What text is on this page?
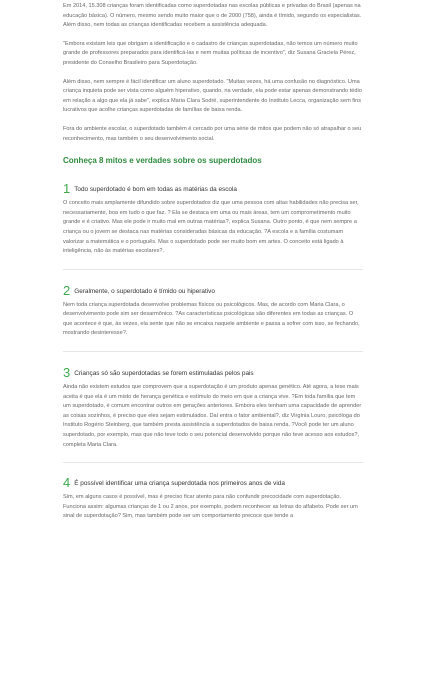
Em 2014, 15.308 crianças foram identificadas como superdotadas nas escolas públicas e privadas do Brasil (apenas na educação básica). O número, mesmo sendo muito maior que o de 2000 (758), ainda é tímido, segundo os especialistas. Além disso, nem todas as crianças identificadas recebem a assistência adequada.

"Embora existam leis que obrigam a identificação e o cadastro de crianças superdotadas, não temos um número muito grande de professores preparados para identificá-las e nem muitas políticas de incentivo", diz Susana Graciela Pérez, presidente do Conselho Brasileiro para Superdotação.

Além disso, nem sempre é fácil identificar um aluno superdotado. "Muitas vezes, há uma confusão no diagnóstico. Uma criança inquieta pode ser vista como alguém hiperativo, quando, na verdade, ela pode estar apenas demonstrando tédio em relação a algo que ela já sabe", explica Maria Clara Sodré, superintendente do Instituto Lecca, organização sem fins lucrativos que acolhe crianças superdotadas de famílias de baixa renda.

Fora do ambiente escolar, o superdotado também é cercado por uma série de mitos que podem não só atrapalhar o seu reconhecimento, mas também o seu desenvolvimento social.

Conheça 8 mitos e verdades sobre os superdotados
1 Todo superdotado é bom em todas as matérias da escola

O conceito mais amplamente difundido sobre superdotados diz que uma pessoa com altas habilidades não precisa ser, necessariamente, boa em tudo o que faz. ? Ela se destaca em uma ou mais áreas, tem um comprometimento muito grande e é criativo. Mas ele pode ir muito mal em outras matérias?, explica Susana. Outro ponto, é que nem sempre a criança ou o jovem se destaca nas matérias consideradas básicas da educação. ?A escola e a família costumam valorizar a matemática e o português. Mas o superdotado pode ser muito bom em artes. O conceito está ligado à inteligência, não às matérias escolares?.

2 Geralmente, o superdotado é tímido ou hiperativo

Nem toda criança superdotada desenvolve problemas físicos ou psicológicos. Mas, de acordo com Maria Clara, o desenvolvimento pode sim ser desarmônico. ?As características psicológicas são diferentes em todas as crianças. O que acontece é que, às vezes, ela sente que não se encaixa naquele ambiente e passa a sofrer com isso, se fechando, mostrando desinteresse?.

3 Crianças só são superdotadas se forem estimuladas pelos pais

Ainda não existem estudos que comprovem que a superdotação é um produto apenas genético. Até agora, a tese mais aceita é que ela é um misto de herança genética e estímulo do meio em que a criança vive. ?Em toda família que tem um superdotado, é comum encontrar outros em gerações anteriores. Embora eles tenham uma capacidade de aprender as coisas sozinhos, é preciso que eles sejam estimulados. Daí entra o fator ambiental?, diz Virgínia Louro, psicóloga do Instituto Rogério Steinberg, que também presta assistência a superdotados de baixa renda. ?Você pode ter um aluno superdotado, por exemplo, mas que não teve todo o seu potencial desenvolvido porque não teve acesso aos estudos?, completa Maria Clara.

4 É possível identificar uma criança superdotada nos primeiros anos de vida

Sim, em alguns casos é possível, mas é preciso ficar atento para não confundir precocidade com superdotação. Funciona assim: algumas crianças de 1 ou 2 anos, por exemplo, podem reconhecer as letras do alfabeto. Pode ser um sinal de superdotação? Sim, mas também pode ser um comportamento precoce que tende a
